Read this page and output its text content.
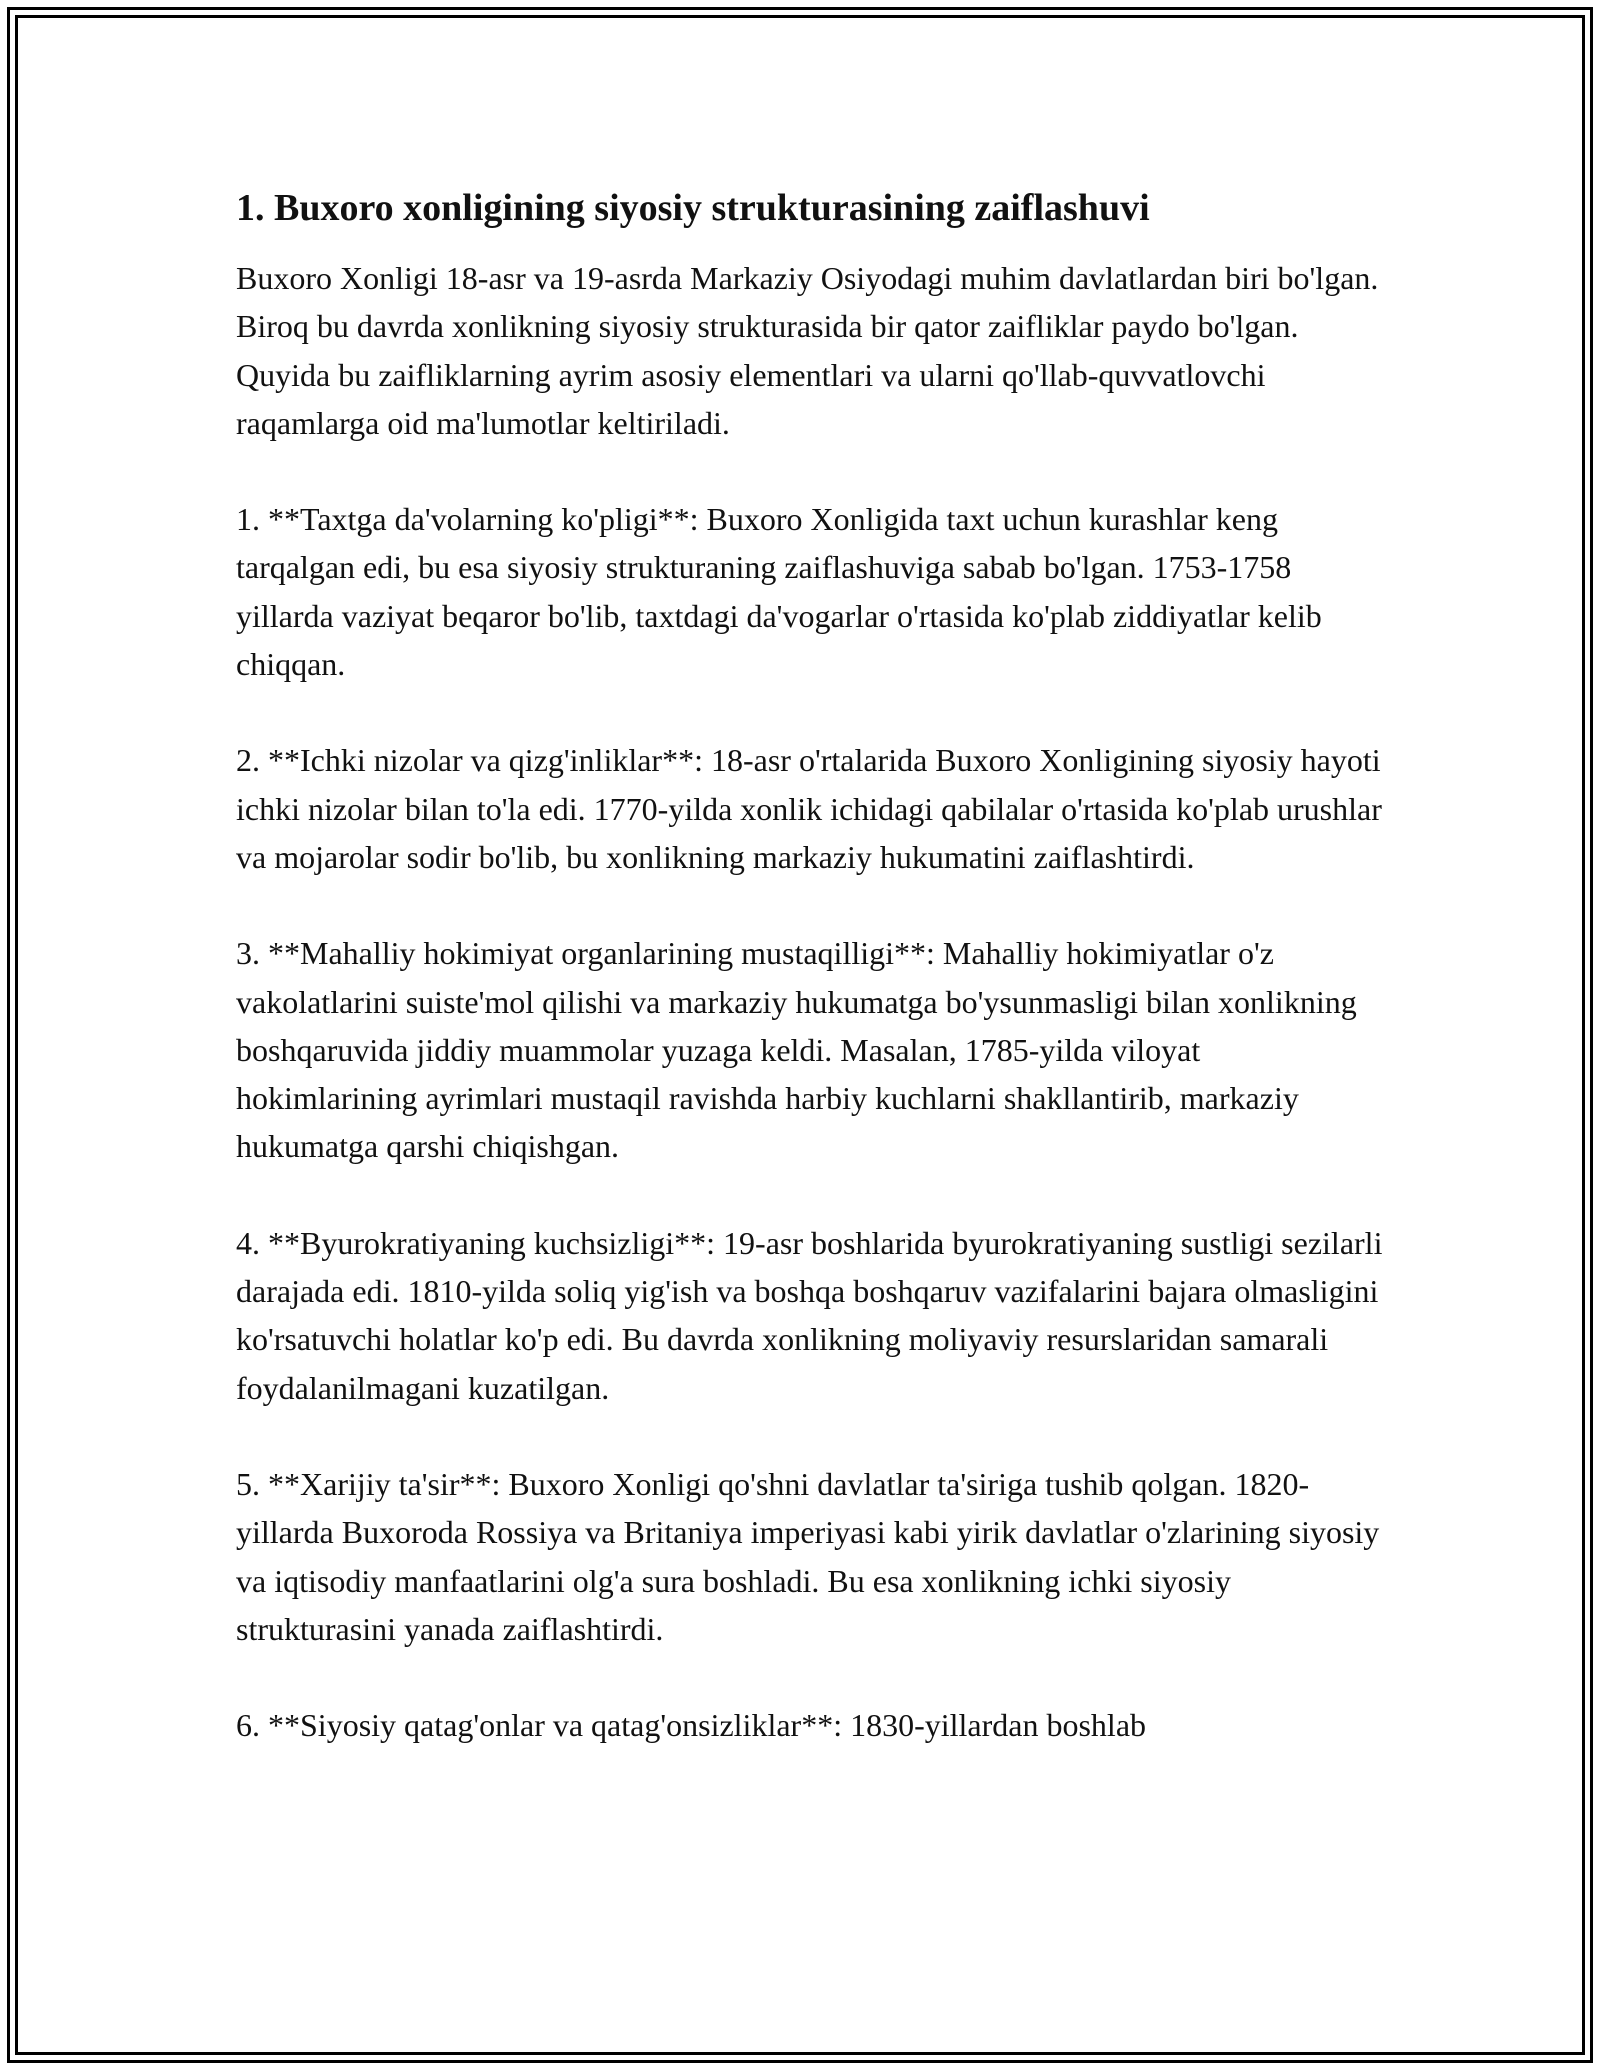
1. Buxoro xonligining siyosiy strukturasining zaiflashuvi

Buxoro Xonligi 18-asr va 19-asrda Markaziy Osiyodagi muhim davlatlardan biri bo'lgan. Biroq bu davrda xonlikning siyosiy strukturasida bir qator zaifliklar paydo bo'lgan. Quyida bu zaifliklarning ayrim asosiy elementlari va ularni qo'llab-quvvatlovchi raqamlarga oid ma'lumotlar keltiriladi.

1. **Taxtga da'volarning ko'pligi**: Buxoro Xonligida taxt uchun kurashlar keng tarqalgan edi, bu esa siyosiy strukturaning zaiflashuviga sabab bo'lgan. 1753-1758 yillarda vaziyat beqaror bo'lib, taxtdagi da'vogarlar o'rtasida ko'plab ziddiyatlar kelib chiqqan.

2. **Ichki nizolar va qizg'inliklar**: 18-asr o'rtalarida Buxoro Xonligining siyosiy hayoti ichki nizolar bilan to'la edi. 1770-yilda xonlik ichidagi qabilalar o'rtasida ko'plab urushlar va mojarolar sodir bo'lib, bu xonlikning markaziy hukumatini zaiflashtirdi.

3. **Mahalliy hokimiyat organlarining mustaqilligi**: Mahalliy hokimiyatlar o'z vakolatlarini suiste'mol qilishi va markaziy hukumatga bo'ysunmasligi bilan xonlikning boshqaruvida jiddiy muammolar yuzaga keldi. Masalan, 1785-yilda viloyat hokimlarining ayrimlari mustaqil ravishda harbiy kuchlarni shakllantirib, markaziy hukumatga qarshi chiqishgan.

4. **Byurokratiyaning kuchsizligi**: 19-asr boshlarida byurokratiyaning sustligi sezilarli darajada edi. 1810-yilda soliq yig'ish va boshqa boshqaruv vazifalarini bajara olmasligini ko'rsatuvchi holatlar ko'p edi. Bu davrda xonlikning moliyaviy resurslaridan samarali foydalanilmagani kuzatilgan.

5. **Xarijiy ta'sir**: Buxoro Xonligi qo'shni davlatlar ta'siriga tushib qolgan. 1820-yillarda Buxoroda Rossiya va Britaniya imperiyasi kabi yirik davlatlar o'zlarining siyosiy va iqtisodiy manfaatlarini olg'a sura boshladi. Bu esa xonlikning ichki siyosiy strukturasini yanada zaiflashtirdi.

6. **Siyosiy qatag'onlar va qatag'onsizliklar**: 1830-yillardan boshlab
